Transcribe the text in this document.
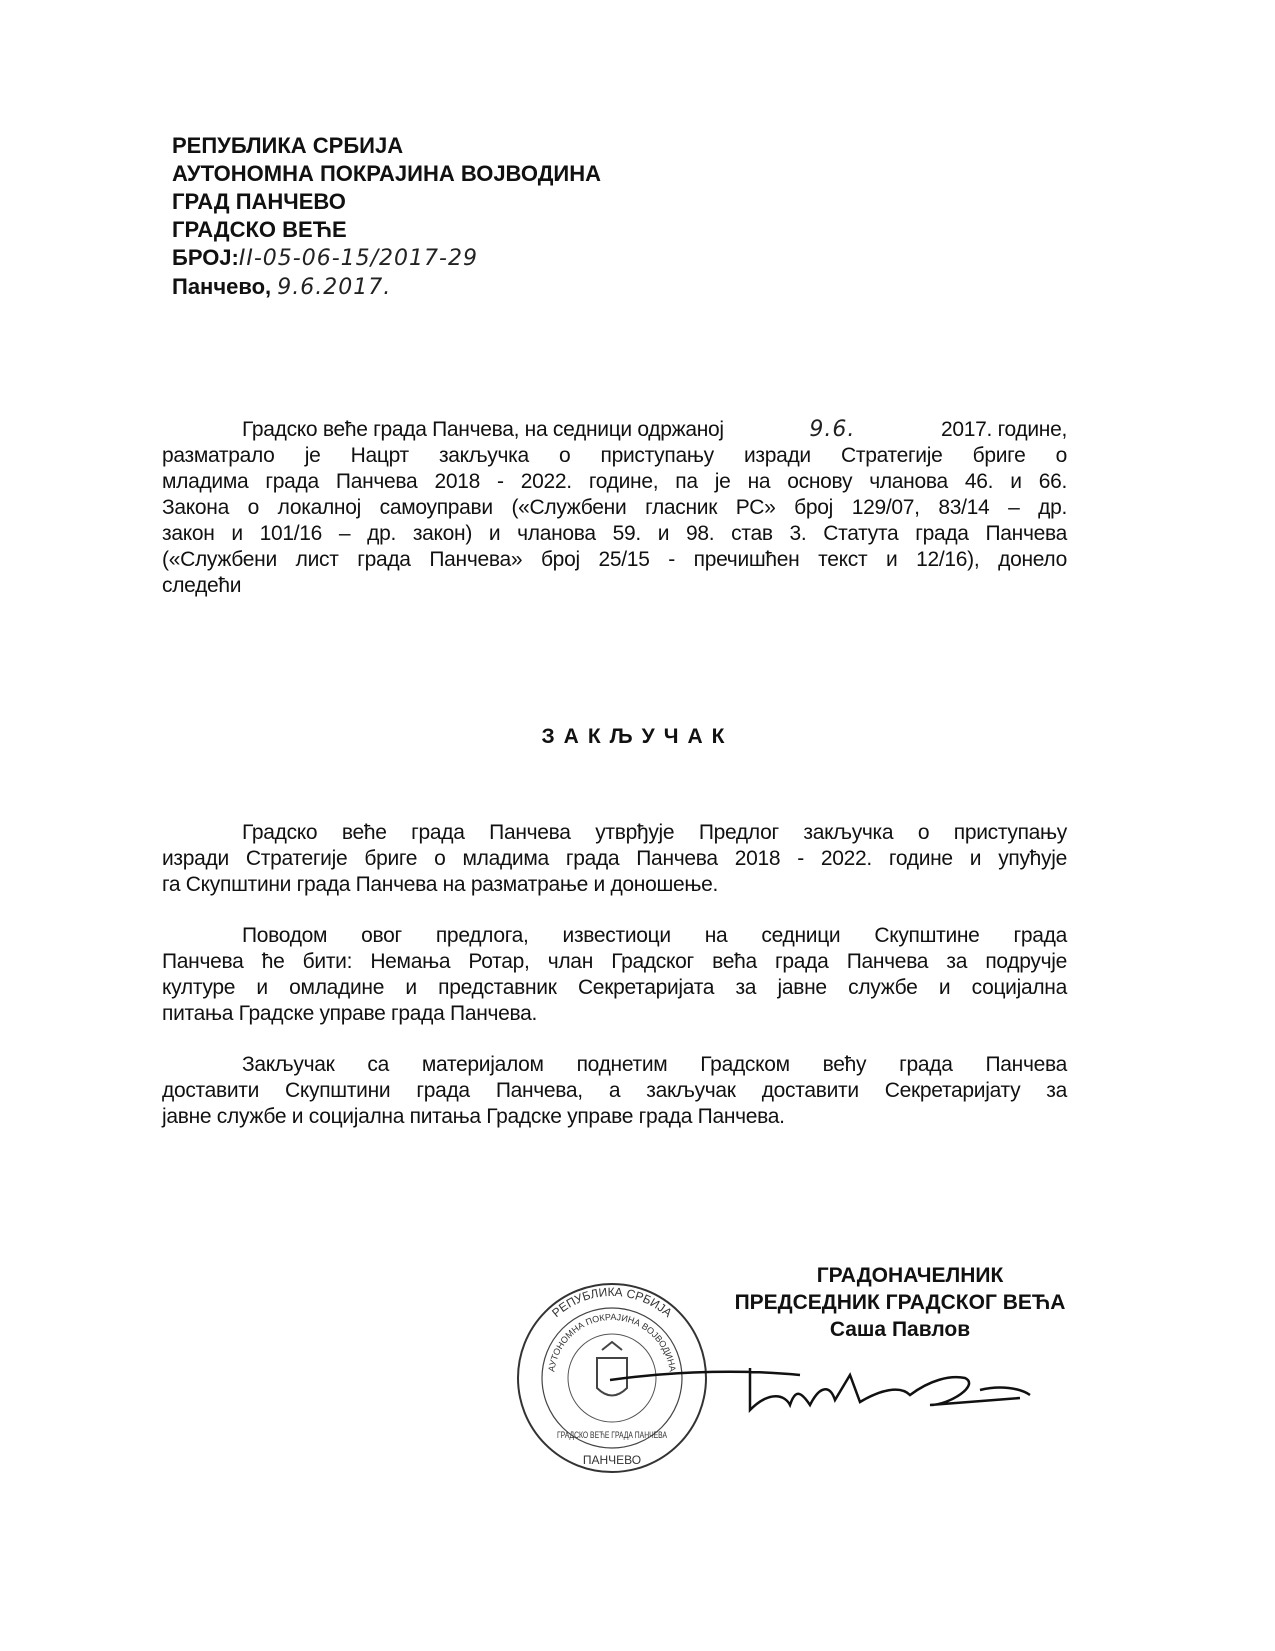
РЕПУБЛИКА СРБИЈА
АУТОНОМНА ПОКРАЈИНА ВОЈВОДИНА
ГРАД ПАНЧЕВО
ГРАДСКО ВЕЋЕ
БРОЈ:II-05-06-15/2017-29
Панчево, 9.6.2017.
Градско веће града Панчева, на седници одржаној	9.6.	2017. године,
разматрало је Нацрт закључка о приступању изради Стратегије бриге о
младима града Панчева 2018 - 2022. године, па је на основу чланова 46. и 66.
Закона о локалној самоуправи («Службени гласник РС» број 129/07, 83/14 – др.
закон и 101/16 – др. закон) и чланова 59. и 98. став 3. Статута града Панчева
(«Службени лист града Панчева» број 25/15 - пречишћен текст и 12/16), донело
следећи
ЗАКЉУЧАК
Градско веће града Панчева утврђује Предлог закључка о приступању
изради Стратегије бриге о младима града Панчева 2018 - 2022. године и упућује
га Скупштини града Панчева на разматрање и доношење.
Поводом овог предлога, известиоци на седници Скупштине града
Панчева ће бити: Немања Ротар, члан Градског већа града Панчева за подручје
културе и омладине и представник Секретаријата за јавне службе и социјална
питања Градске управе града Панчева.
Закључак са материјалом поднетим Градском већу града Панчева
доставити Скупштини града Панчева, а закључак доставити Секретаријату за
јавне службе и социјална питања Градске управе града Панчева.
РЕПУБЛИКА СРБИЈА
АУТОНОМНА ПОКРАЈИНА ВОЈВОДИНА
ГРАДСКО ВЕЋЕ ГРАДА ПАНЧЕВА
ПАНЧЕВО
ГРАДОНАЧЕЛНИК
ПРЕДСЕДНИК ГРАДСКОГ ВЕЋА
Саша Павлов
